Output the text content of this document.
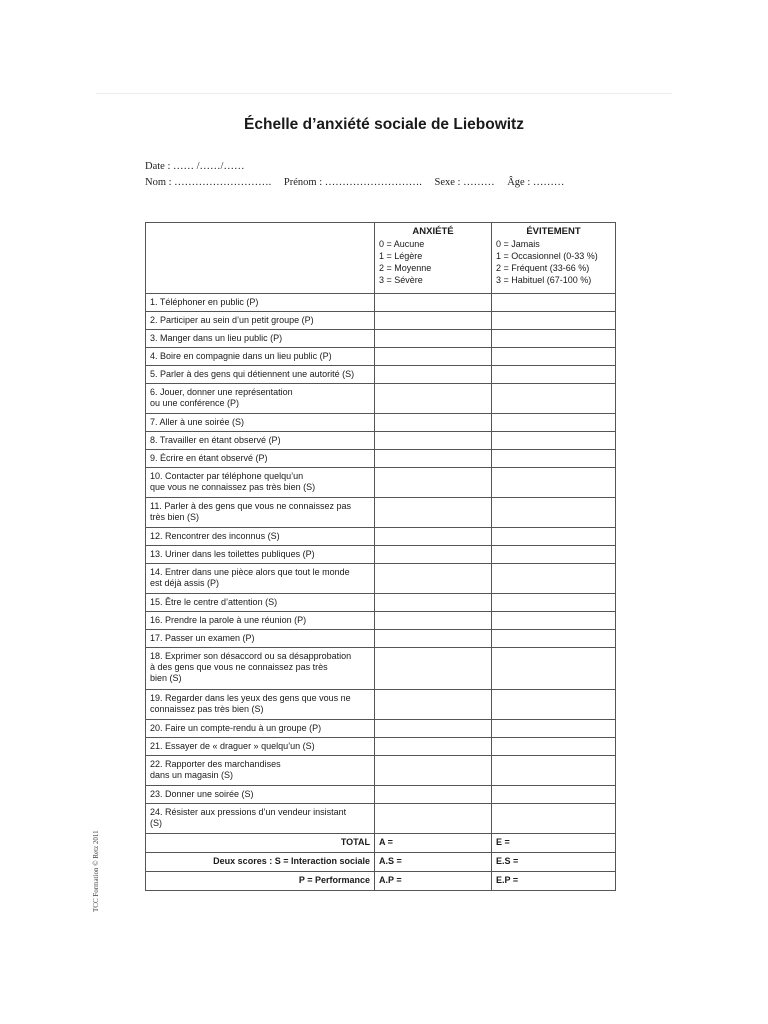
Échelle d’anxiété sociale de Liebowitz
Date : …… /……/……
Nom : ………………………. Prénom : ………………………. Sexe : ……… Âge : ………

	ANXIÉTÉ
0 = Aucune
1 = Légère
2 = Moyenne
3 = Sévère	ÉVITEMENT
0 = Jamais
1 = Occasionnel (0-33 %)
2 = Fréquent (33-66 %)
3 = Habituel (67-100 %)

1. Téléphoner en public (P)		

2. Participer au sein d’un petit groupe (P)		

3. Manger dans un lieu public (P)		

4. Boire en compagnie dans un lieu public (P)		

5. Parler à des gens qui détiennent une autorité (S)		

6. Jouer, donner une représentation
ou une conférence (P)		

7. Aller à une soirée (S)		

8. Travailler en étant observé (P)		

9. Écrire en étant observé (P)		

10. Contacter par téléphone quelqu’un
que vous ne connaissez pas très bien (S)		

11. Parler à des gens que vous ne connaissez pas
très bien (S)		

12. Rencontrer des inconnus (S)		

13. Uriner dans les toilettes publiques (P)		

14. Entrer dans une pièce alors que tout le monde
est déjà assis (P)		

15. Être le centre d’attention (S)		

16. Prendre la parole à une réunion (P)		

17. Passer un examen (P)		

18. Exprimer son désaccord ou sa désapprobation
à des gens que vous ne connaissez pas très
bien (S)		

19. Regarder dans les yeux des gens que vous ne
connaissez pas très bien (S)		

20. Faire un compte-rendu à un groupe (P)		

21. Essayer de « draguer » quelqu’un (S)		

22. Rapporter des marchandises
dans un magasin (S)		

23. Donner une soirée (S)		

24. Résister aux pressions d’un vendeur insistant
(S)		

TOTAL	A =	E =
Deux scores : S = Interaction sociale	A.S =	E.S =
P = Performance	A.P =	E.P =
TCC Formation © Retz 2011
